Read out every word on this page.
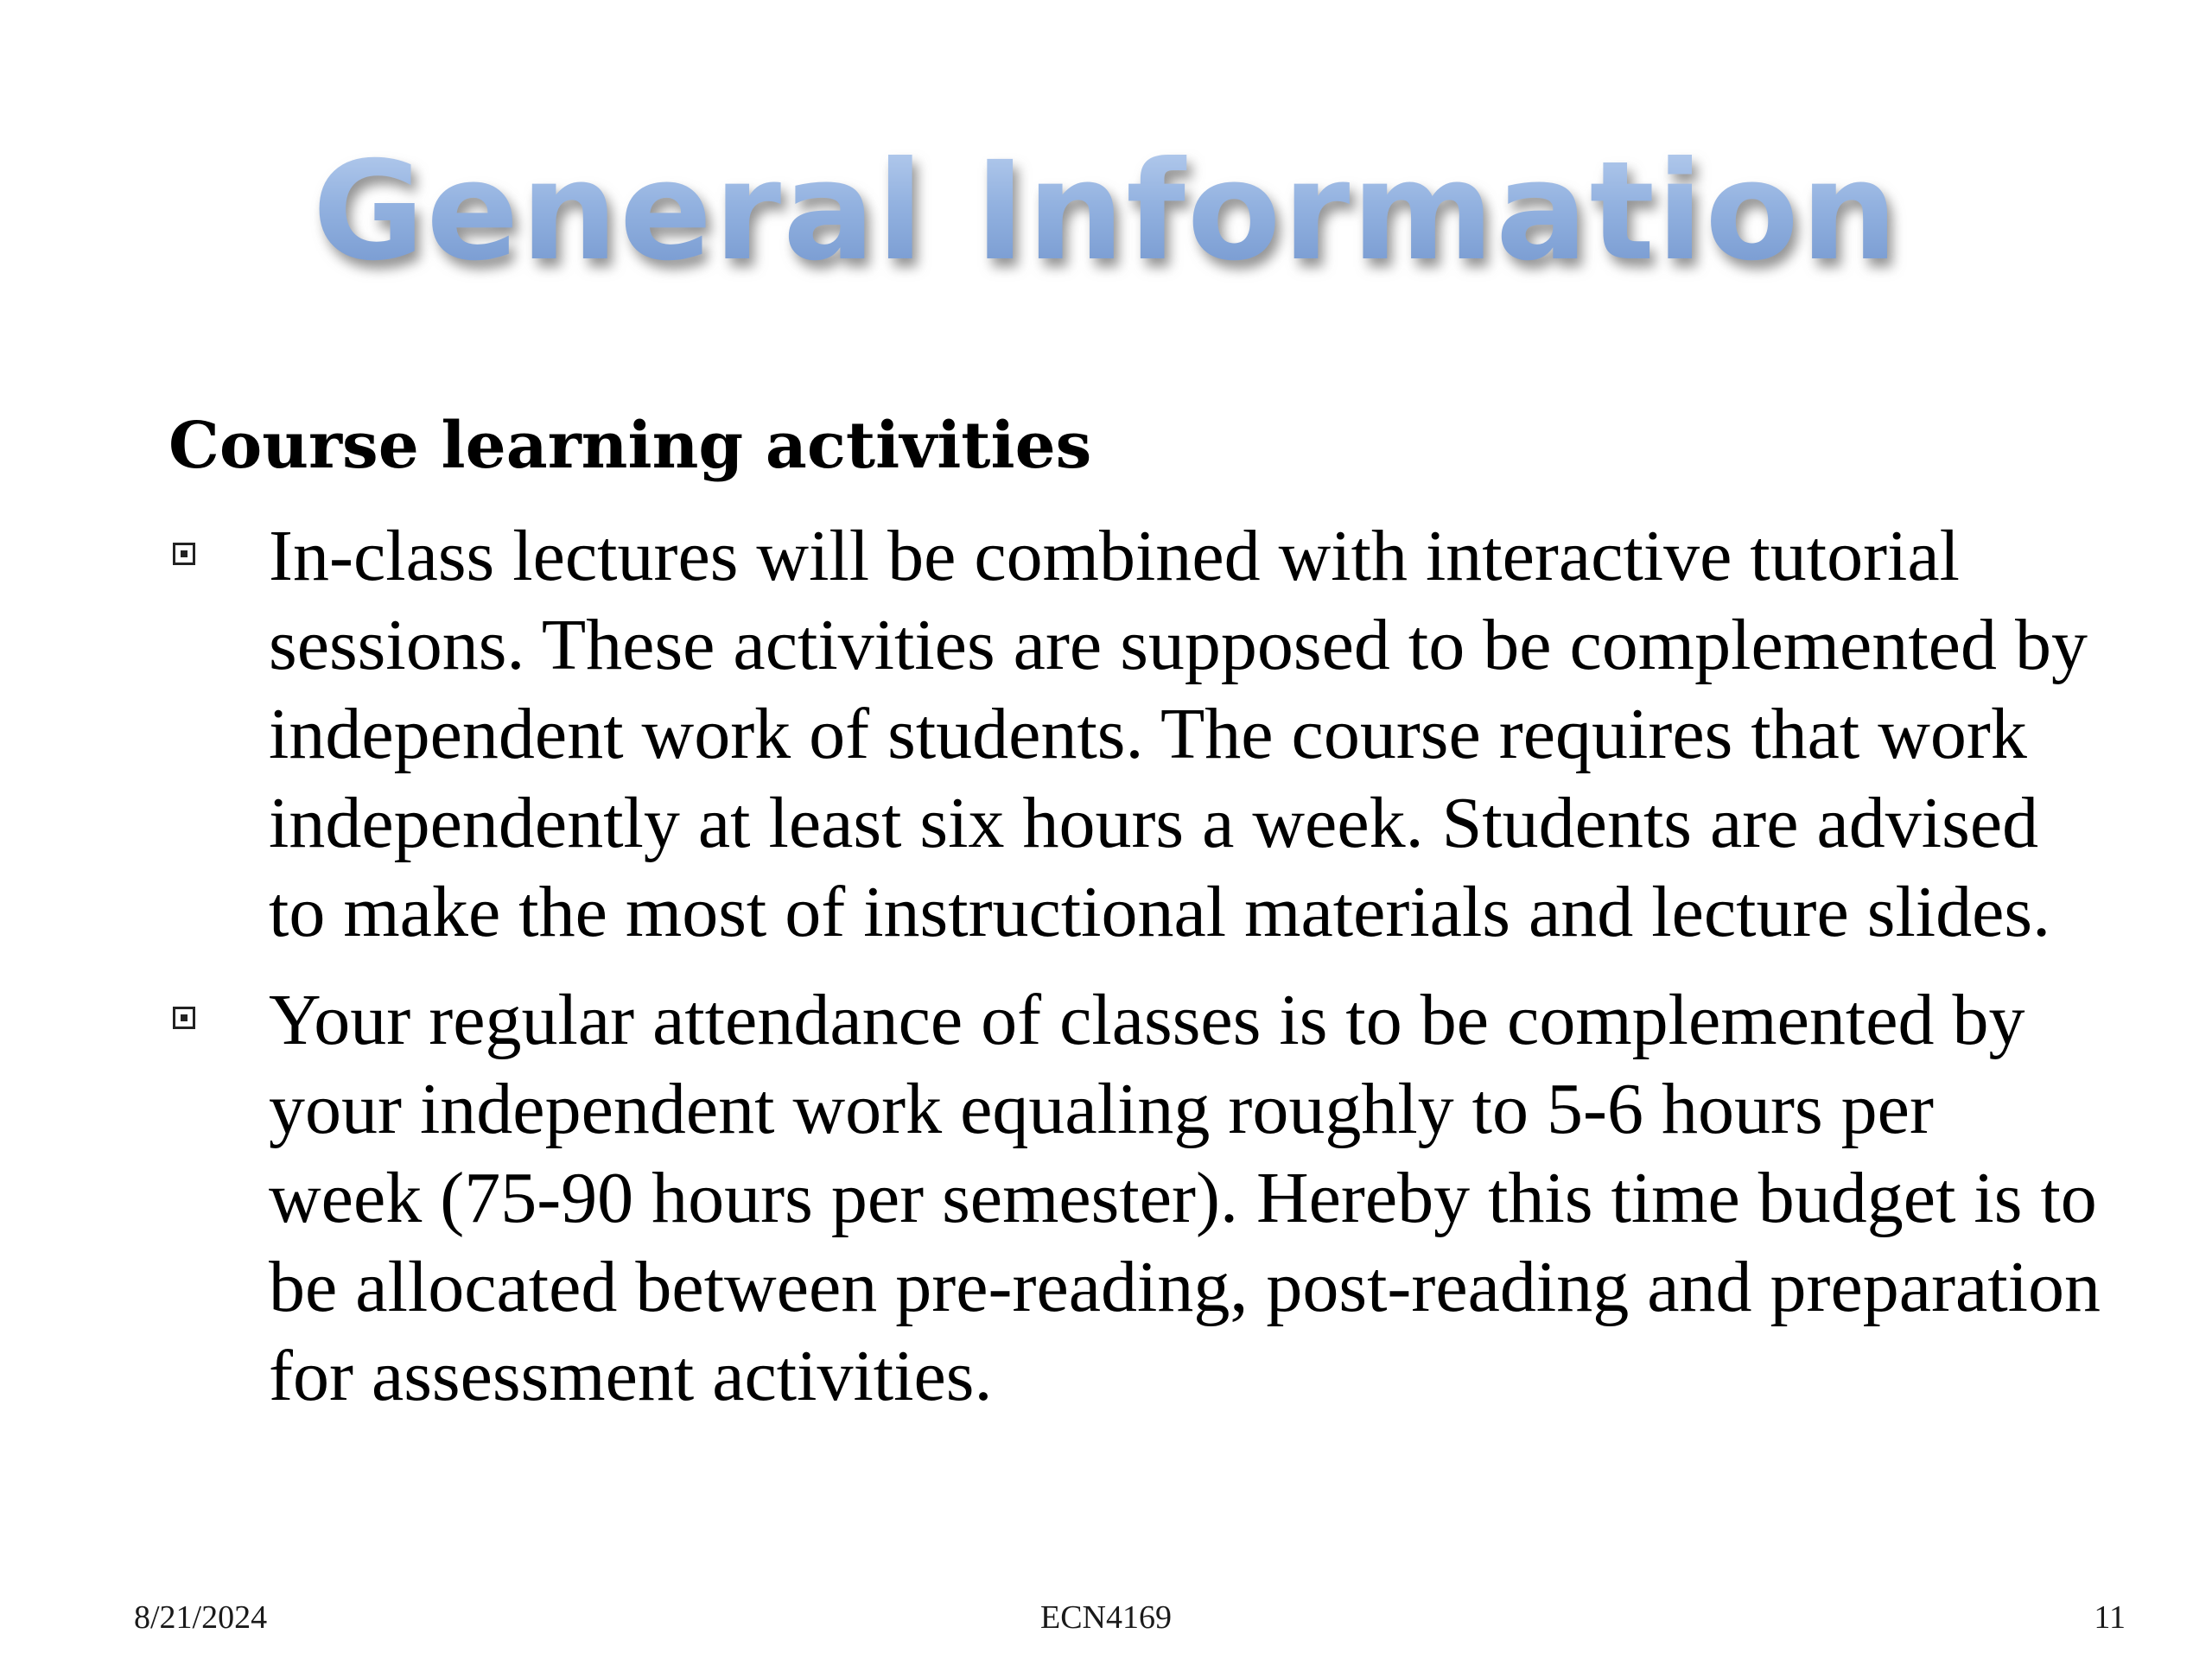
General Information
Course learning activities
In-class lectures will be combined with interactive tutorial sessions. These activities are supposed to be complemented by independent work of students. The course requires that work independently at least six hours a week. Students are advised to make the most of instructional materials and lecture slides.
Your regular attendance of classes is to be complemented by your independent work equaling roughly to 5-6 hours per week (75-90 hours per semester). Hereby this time budget is to be allocated between pre-reading, post-reading and preparation for assessment activities.
8/21/2024	ECN4169	11
